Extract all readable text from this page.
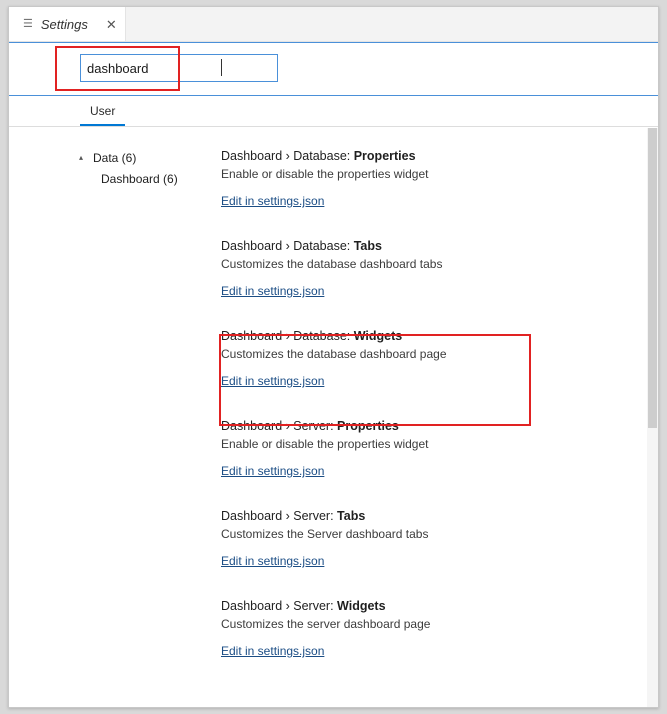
☰ Settings ✕
dashboard
User
▴ Data (6)
Dashboard (6)
Dashboard › Database: Properties
Enable or disable the properties widget
Edit in settings.json
Dashboard › Database: Tabs
Customizes the database dashboard tabs
Edit in settings.json
Dashboard › Database: Widgets
Customizes the database dashboard page
Edit in settings.json
Dashboard › Server: Properties
Enable or disable the properties widget
Edit in settings.json
Dashboard › Server: Tabs
Customizes the Server dashboard tabs
Edit in settings.json
Dashboard › Server: Widgets
Customizes the server dashboard page
Edit in settings.json
